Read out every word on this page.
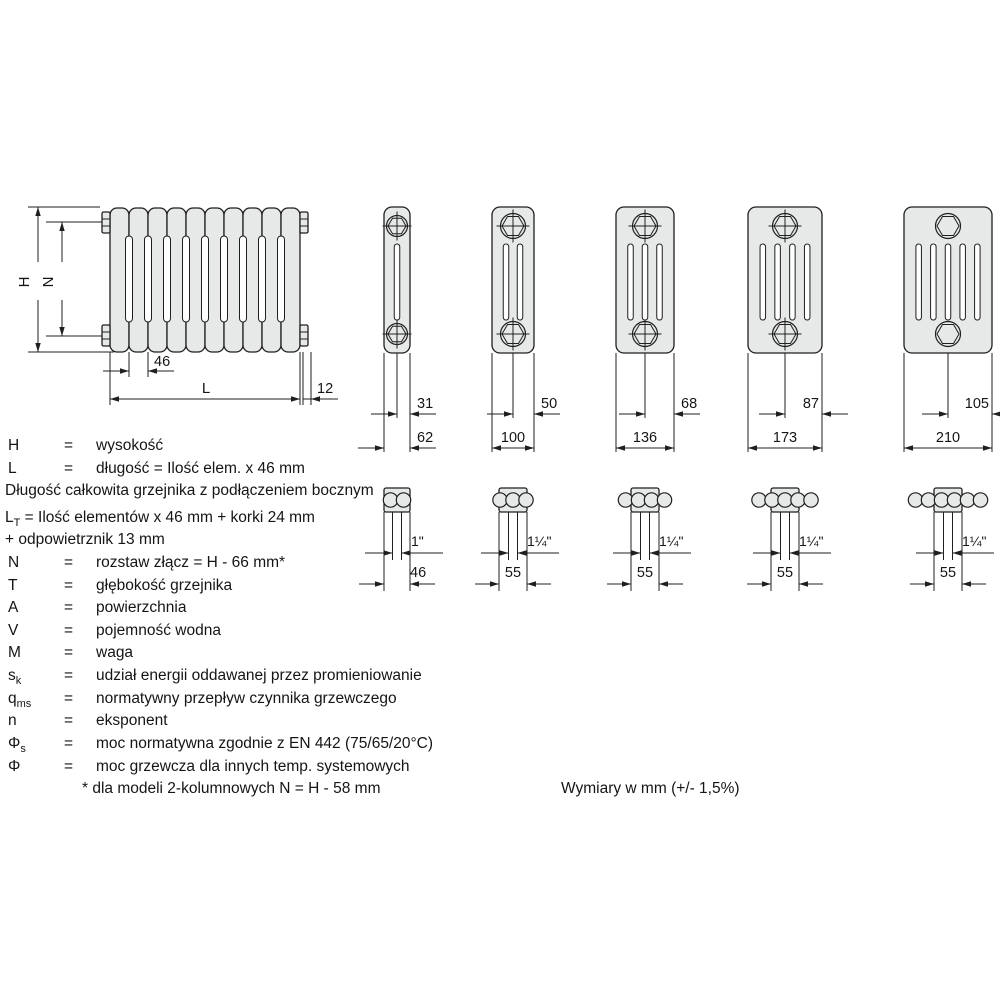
H N
46
L	12
31
62
50
100
68
136
87
173
105
210
1"
46
1¼"
55
1¼"
55
1¼"
55
1¼"
55
H	= wysokość
L	= długość = Ilość elem. x 46 mm
Długość całkowita grzejnika z podłączeniem bocznym
$L_T$ = Ilość elementów x 46 mm + korki 24 mm
+ odpowietrznik 13 mm
N	= rozstaw złącz = H - 66 mm*
T	= głębokość grzejnika
A	= powierzchnia
V	= pojemność wodna
M	= waga
$s_k$	= udział energii oddawanej przez promieniowanie
$q_{ms}$ = normatywny przepływ czynnika grzewczego
n	= eksponent
$\Phi_s$ = moc normatywna zgodnie z EN 442 (75/65/20°C)
Φ	= moc grzewcza dla innych temp. systemowych
* dla modeli 2-kolumnowych N = H - 58 mm	Wymiary w mm (+/- 1,5%)
